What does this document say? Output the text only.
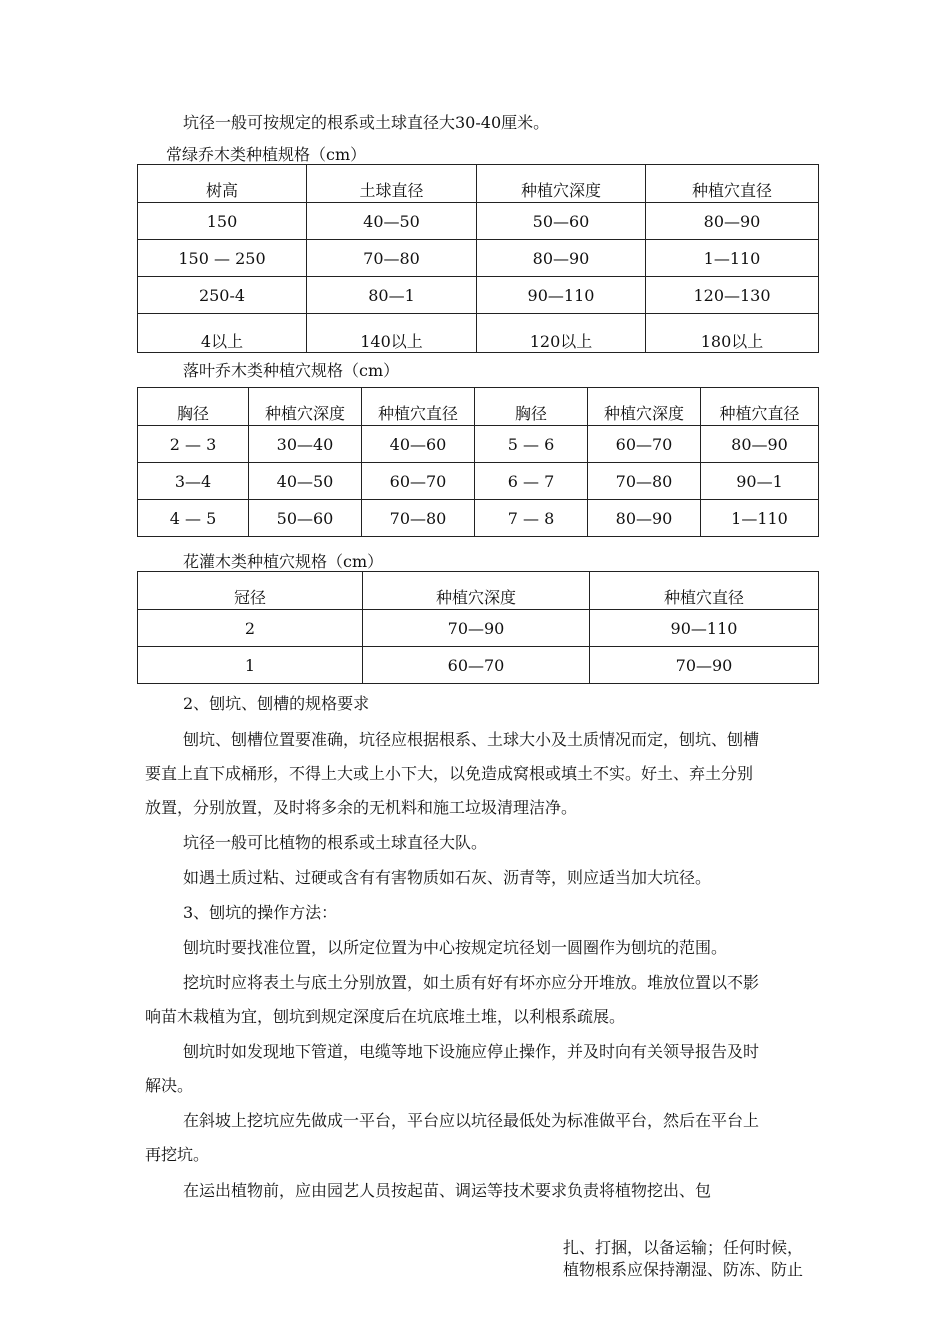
坑径一般可按规定的根系或土球直径大30-40厘米。
常绿乔木类种植规格（cm）
树高	土球直径	种植穴深度	种植穴直径
150	40—50	50—60	80—90
150 — 250	70—80	80—90	1—110
250-4	80—1	90—110	120—130
4以上	140以上	120以上	180以上
落叶乔木类种植穴规格（cm）
胸径	种植穴深度	种植穴直径	胸径	种植穴深度	种植穴直径
2 — 3	30—40	40—60	5 — 6	60—70	80—90
3—4	40—50	60—70	6 — 7	70—80	90—1
4 — 5	50—60	70—80	7 — 8	80—90	1—110
花灌木类种植穴规格（cm）
冠径	种植穴深度	种植穴直径
2	70—90	90—110
1	60—70	70—90
2、刨坑、刨槽的规格要求
刨坑、刨槽位置要准确，坑径应根据根系、土球大小及土质情况而定，刨坑、刨槽
要直上直下成桶形，不得上大或上小下大，以免造成窝根或填土不实。好土、弃土分别
放置，分别放置，及时将多余的无机料和施工垃圾清理洁净。
坑径一般可比植物的根系或土球直径大队。
如遇土质过粘、过硬或含有有害物质如石灰、沥青等，则应适当加大坑径。
3、刨坑的操作方法：
刨坑时要找准位置，以所定位置为中心按规定坑径划一圆圈作为刨坑的范围。
挖坑时应将表土与底土分别放置，如土质有好有坏亦应分开堆放。堆放位置以不影
响苗木栽植为宜，刨坑到规定深度后在坑底堆土堆，以利根系疏展。
刨坑时如发现地下管道，电缆等地下设施应停止操作，并及时向有关领导报告及时
解决。
在斜坡上挖坑应先做成一平台，平台应以坑径最低处为标准做平台，然后在平台上
再挖坑。
在运出植物前，应由园艺人员按起苗、调运等技术要求负责将植物挖出、包
扎、打捆，以备运输；任何时候，
植物根系应保持潮湿、防冻、防止
